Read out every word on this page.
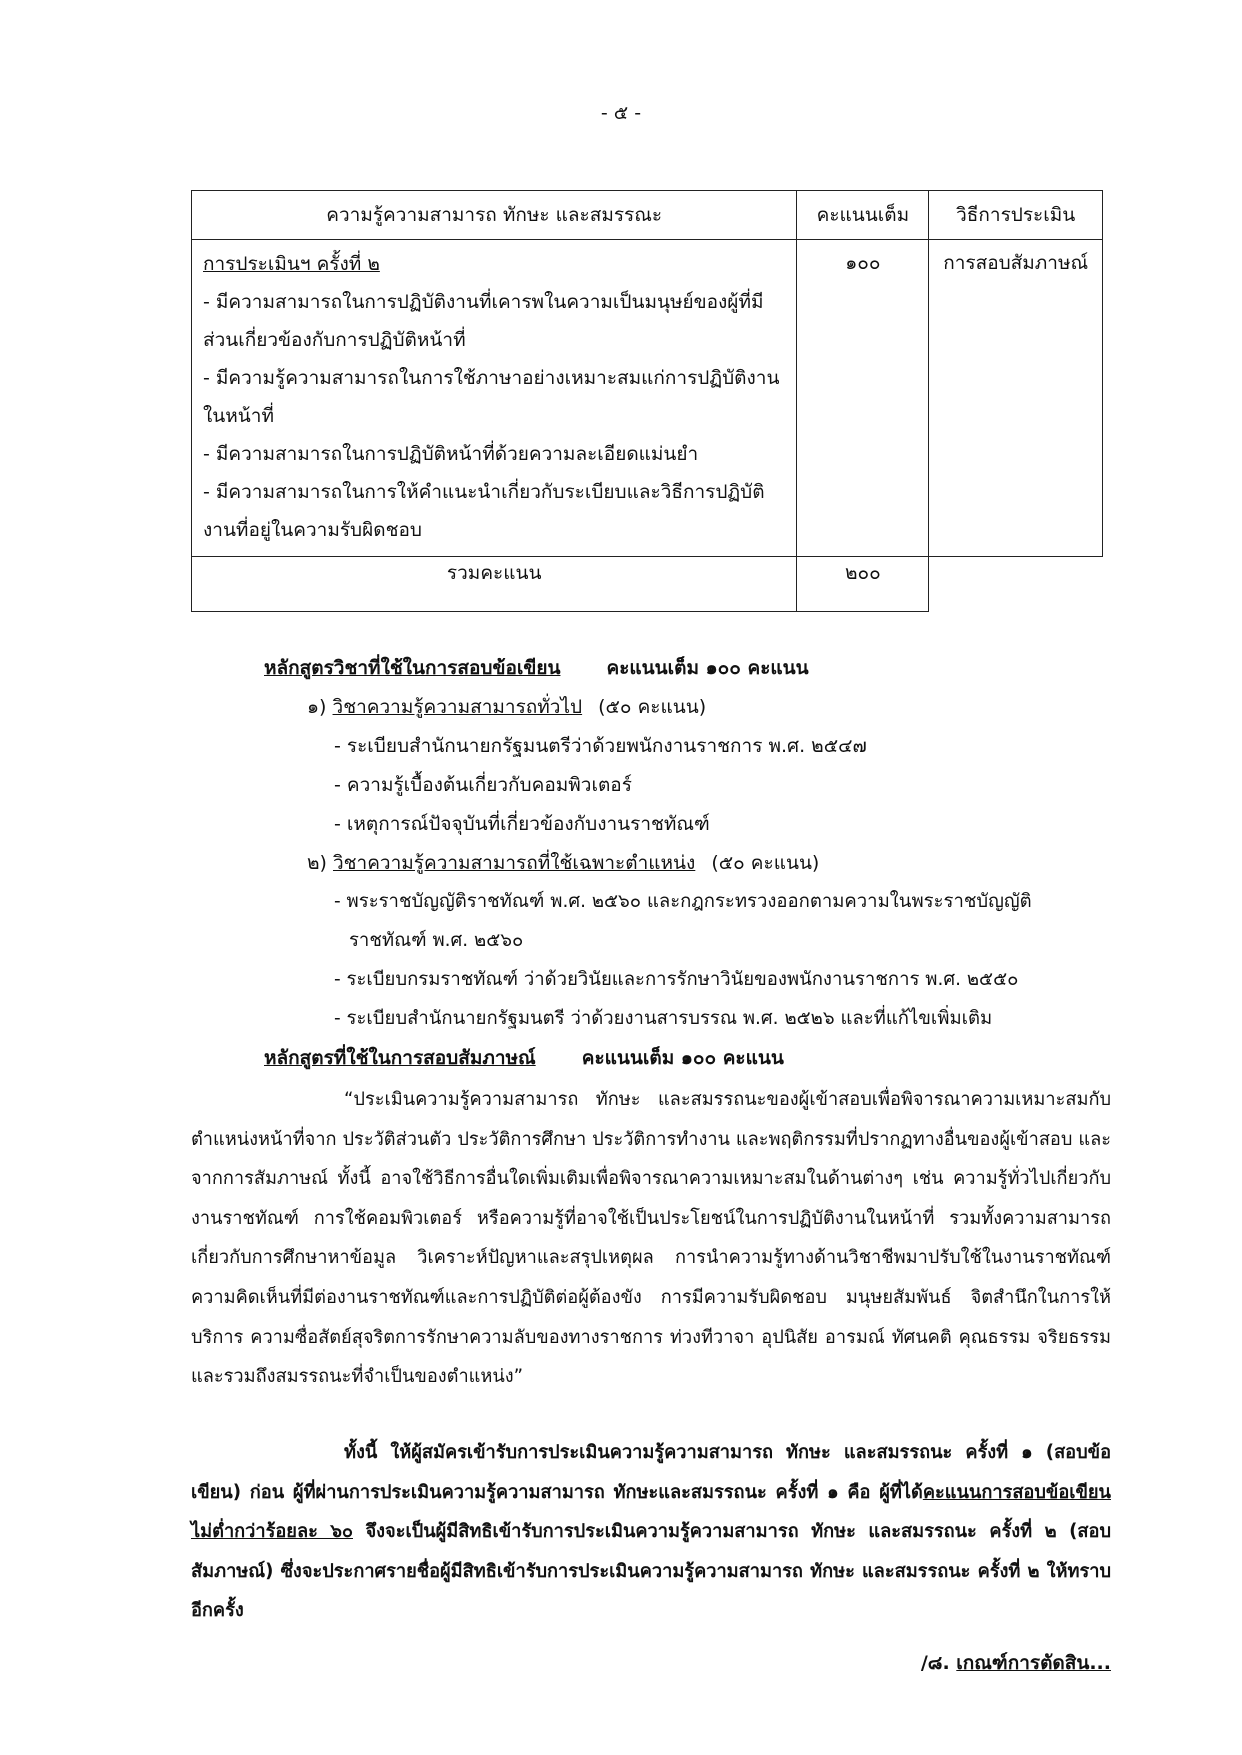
- ๕ -
ความรู้ความสามารถ ทักษะ และสมรรณะ	คะแนนเต็ม	วิธีการประเมิน

การประเมินฯ ครั้งที่ ๒
- มีความสามารถในการปฏิบัติงานที่เคารพในความเป็นมนุษย์ของผู้ที่มีส่วนเกี่ยวข้องกับการปฏิบัติหน้าที่
- มีความรู้ความสามารถในการใช้ภาษาอย่างเหมาะสมแก่การปฏิบัติงานในหน้าที่
- มีความสามารถในการปฏิบัติหน้าที่ด้วยความละเอียดแม่นยำ
- มีความสามารถในการให้คำแนะนำเกี่ยวกับระเบียบและวิธีการปฏิบัติงานที่อยู่ในความรับผิดชอบ	๑๐๐	การสอบสัมภาษณ์
รวมคะแนน	๒๐๐	
หลักสูตรวิชาที่ใช้ในการสอบข้อเขียน คะแนนเต็ม ๑๐๐ คะแนน
๑) วิชาความรู้ความสามารถทั่วไป (๕๐ คะแนน)
- ระเบียบสำนักนายกรัฐมนตรีว่าด้วยพนักงานราชการ พ.ศ. ๒๕๔๗
- ความรู้เบื้องต้นเกี่ยวกับคอมพิวเตอร์
- เหตุการณ์ปัจจุบันที่เกี่ยวข้องกับงานราชทัณฑ์
๒) วิชาความรู้ความสามารถที่ใช้เฉพาะตำแหน่ง (๕๐ คะแนน)
- พระราชบัญญัติราชทัณฑ์ พ.ศ. ๒๕๖๐ และกฎกระทรวงออกตามความในพระราชบัญญัติ
ราชทัณฑ์ พ.ศ. ๒๕๖๐
- ระเบียบกรมราชทัณฑ์ ว่าด้วยวินัยและการรักษาวินัยของพนักงานราชการ พ.ศ. ๒๕๕๐
- ระเบียบสำนักนายกรัฐมนตรี ว่าด้วยงานสารบรรณ พ.ศ. ๒๕๒๖ และที่แก้ไขเพิ่มเติม
หลักสูตรที่ใช้ในการสอบสัมภาษณ์ คะแนนเต็ม ๑๐๐ คะแนน

“ประเมินความรู้ความสามารถ ทักษะ และสมรรถนะของผู้เข้าสอบเพื่อพิจารณาความเหมาะสมกับตำแหน่งหน้าที่จาก ประวัติส่วนตัว ประวัติการศึกษา ประวัติการทำงาน และพฤติกรรมที่ปรากฏทางอื่นของผู้เข้าสอบ และจากการสัมภาษณ์ ทั้งนี้ อาจใช้วิธีการอื่นใดเพิ่มเติมเพื่อพิจารณาความเหมาะสมในด้านต่างๆ เช่น ความรู้ทั่วไปเกี่ยวกับงานราชทัณฑ์ การใช้คอมพิวเตอร์ หรือความรู้ที่อาจใช้เป็นประโยชน์ในการปฏิบัติงานในหน้าที่ รวมทั้งความสามารถเกี่ยวกับการศึกษาหาข้อมูล วิเคราะห์ปัญหาและสรุปเหตุผล การนำความรู้ทางด้านวิชาชีพมาปรับใช้ในงานราชทัณฑ์ ความคิดเห็นที่มีต่องานราชทัณฑ์และการปฏิบัติต่อผู้ต้องขัง การมีความรับผิดชอบ มนุษยสัมพันธ์ จิตสำนึกในการให้บริการ ความซื่อสัตย์สุจริตการรักษาความลับของทางราชการ ท่วงทีวาจา อุปนิสัย อารมณ์ ทัศนคติ คุณธรรม จริยธรรม และรวมถึงสมรรถนะที่จำเป็นของตำแหน่ง”

ทั้งนี้ ให้ผู้สมัครเข้ารับการประเมินความรู้ความสามารถ ทักษะ และสมรรถนะ ครั้งที่ ๑ (สอบข้อเขียน) ก่อน ผู้ที่ผ่านการประเมินความรู้ความสามารถ ทักษะและสมรรถนะ ครั้งที่ ๑ คือ ผู้ที่ได้คะแนนการสอบข้อเขียนไม่ต่ำกว่าร้อยละ ๖๐ จึงจะเป็นผู้มีสิทธิเข้ารับการประเมินความรู้ความสามารถ ทักษะ และสมรรถนะ ครั้งที่ ๒ (สอบสัมภาษณ์) ซึ่งจะประกาศรายชื่อผู้มีสิทธิเข้ารับการประเมินความรู้ความสามารถ ทักษะ และสมรรถนะ ครั้งที่ ๒ ให้ทราบอีกครั้ง

/๘. เกณฑ์การตัดสิน...
